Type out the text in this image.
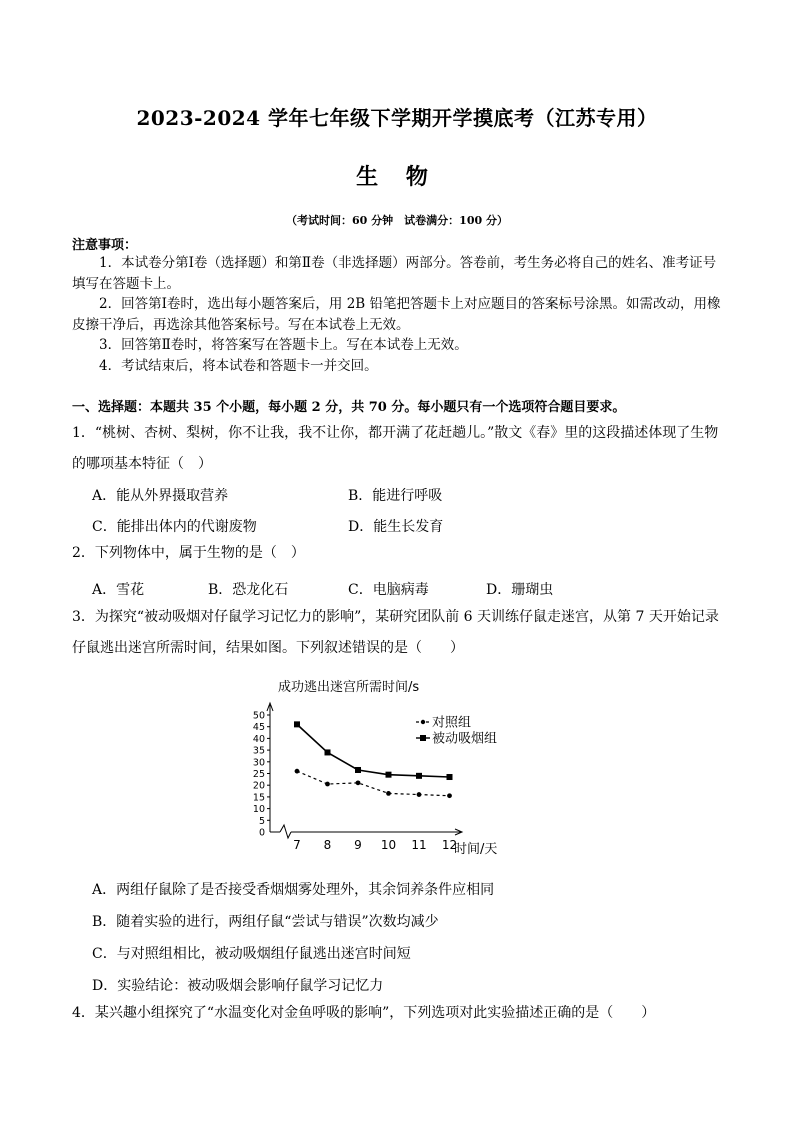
2023-2024 学年七年级下学期开学摸底考（江苏专用）
生 物
（考试时间：60 分钟　试卷满分：100 分）
注意事项：

1．本试卷分第Ⅰ卷（选择题）和第Ⅱ卷（非选择题）两部分。答卷前，考生务必将自己的姓名、准考证号填写在答题卡上。

2．回答第Ⅰ卷时，选出每小题答案后，用 2B 铅笔把答题卡上对应题目的答案标号涂黑。如需改动，用橡皮擦干净后，再选涂其他答案标号。写在本试卷上无效。

3．回答第Ⅱ卷时，将答案写在答题卡上。写在本试卷上无效。

4．考试结束后，将本试卷和答题卡一并交回。

一、选择题：本题共 35 个小题，每小题 2 分，共 70 分。每小题只有一个选项符合题目要求。

1．“桃树、杏树、梨树，你不让我，我不让你，都开满了花赶趟儿。”散文《春》里的这段描述体现了生物的哪项基本特征（　）

A．能从外界摄取营养	B．能进行呼吸
C．能排出体内的代谢废物	D．能生长发育

2．下列物体中，属于生物的是（　）

A．雪花	B．恐龙化石	C．电脑病毒	D．珊瑚虫

3．为探究“被动吸烟对仔鼠学习记忆力的影响”，某研究团队前 6 天训练仔鼠走迷宫，从第 7 天开始记录仔鼠逃出迷宫所需时间，结果如图。下列叙述错误的是（　　）

成功逃出迷宫所需时间/s
0
5
10
15
20
25
30
35
40
45
50
7 8 9 10 11 12
对照组
被动吸烟组
时间/天
A．两组仔鼠除了是否接受香烟烟雾处理外，其余饲养条件应相同
B．随着实验的进行，两组仔鼠“尝试与错误”次数均减少
C．与对照组相比，被动吸烟组仔鼠逃出迷宫时间短
D．实验结论：被动吸烟会影响仔鼠学习记忆力

4．某兴趣小组探究了“水温变化对金鱼呼吸的影响”，下列选项对此实验描述正确的是（　　）
